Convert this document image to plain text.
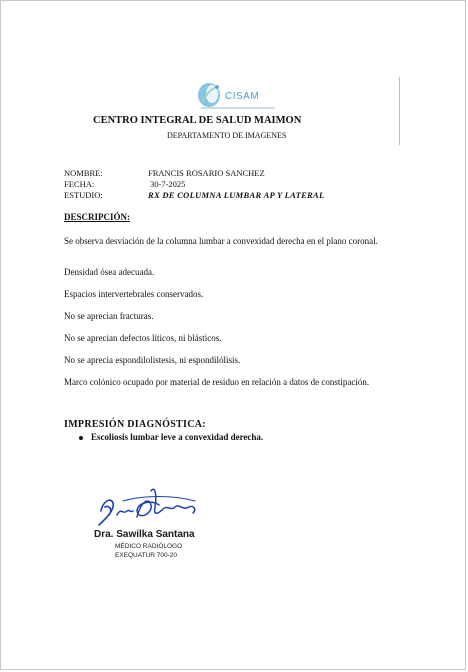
CISAM
CENTRO INTEGRAL DE SALUD MAIMON
DEPARTAMENTO DE IMAGENES
NOMBRE:	FRANCIS ROSARIO SANCHEZ
FECHA:	30-7-2025
ESTUDIO:	RX DE COLUMNA LUMBAR AP Y LATERAL
DESCRIPCIÓN:
Se observa desviación de la columna lumbar a convexidad derecha en el plano coronal.
Densidad ósea adecuada.
Espacios intervertebrales conservados.
No se aprecian fracturas.
No se aprecian defectos líticos, ni blásticos.
No se aprecia espondilolistesis, ni espondilólisis.
Marco colónico ocupado por material de residuo en relación a datos de constipación.
IMPRESIÓN DIAGNÓSTICA:
Escoliosis lumbar leve a convexidad derecha.
Dra. Sawilka Santana
MÉDICO RADIÓLOGO
EXEQUATUR 700-20
